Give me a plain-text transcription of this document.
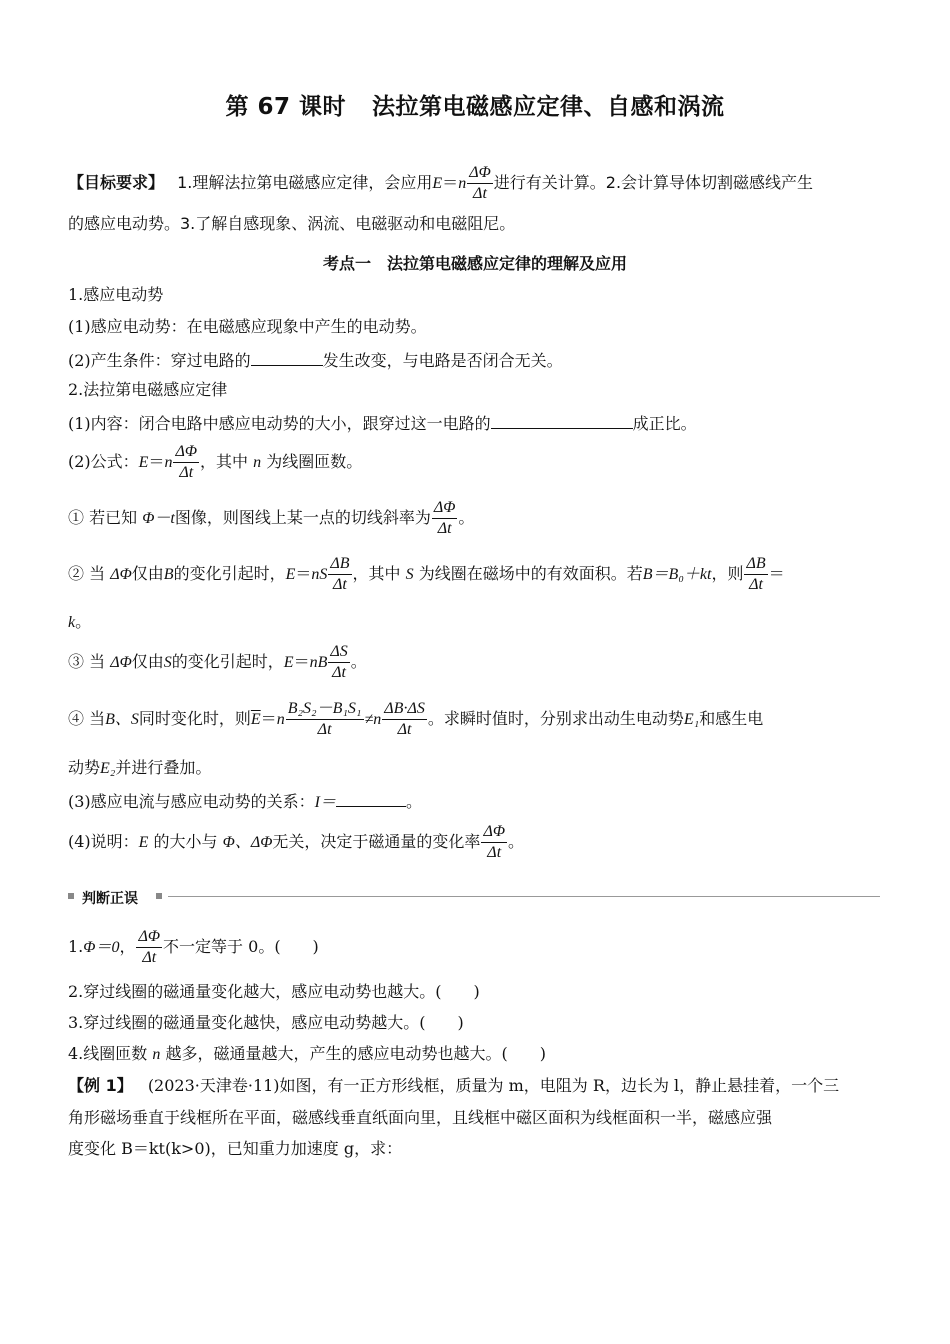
第 67 课时 法拉第电磁感应定律、自感和涡流
【目标要求】 1.理解法拉第电磁感应定律，会应用$E=n \frac{\Delta\Phi}{\Delta t}$ 进行有关计算。2.会计算导体切割磁感线产生
的感应电动势。3.了解自感现象、涡流、电磁驱动和电磁阻尼。
考点一　法拉第电磁感应定律的理解及应用
1.感应电动势
(1)感应电动势：在电磁感应现象中产生的电动势。
(2)产生条件：穿过电路的	发生改变，与电路是否闭合无关。
2.法拉第电磁感应定律
(1)内容：闭合电路中感应电动势的大小，跟穿过这一电路的	成正比。
(2)公式：$E=n \frac{\Delta\Phi}{\Delta t}$ ，其中 n 为线圈匝数。
① 若已知 Φ－t图像，则图线上某一点的切线斜率为 $\frac{\Delta\Phi}{\Delta t}$ 。
② 当 ΔΦ仅由B的变化引起时，$E=nS \frac{\Delta B}{\Delta t}$ ，其中 S 为线圈在磁场中的有效面积。若B＝B₀＋kt，则 $\frac{\Delta B}{\Delta t}$ ＝
k。
③ 当 ΔΦ仅由S的变化引起时，$E=nB \frac{\Delta S}{\Delta t}$ 。
④ 当B、S同时变化时，则$\overline{E}=n \frac{\text{B₂S₂－B₁S₁}}{\Delta t} \ne n \frac{\Delta B\cdot\Delta S}{\Delta t}$ 。求瞬时值时，分别求出动生电动势E₁和感生电
动势E₂并进行叠加。
(3)感应电流与感应电动势的关系：I＝	。
(4)说明：E 的大小与 Φ、ΔΦ无关，决定于磁通量的变化率 $\frac{\Delta\Phi}{\Delta t}$ 。
判断正误
1.Φ＝0， $\frac{\Delta\Phi}{\Delta t}$ 不一定等于 0。(　　)
2.穿过线圈的磁通量变化越大，感应电动势也越大。(　　)
3.穿过线圈的磁通量变化越快，感应电动势越大。(　　)
4.线圈匝数 n 越多，磁通量越大，产生的感应电动势也越大。(　　)
【例 1】 (2023·天津卷·11)如图，有一正方形线框，质量为 m，电阻为 R，边长为 l，静止悬挂着，一个三
角形磁场垂直于线框所在平面，磁感线垂直纸面向里，且线框中磁区面积为线框面积一半，磁感应强
度变化 B＝kt(k>0)，已知重力加速度 g，求：
